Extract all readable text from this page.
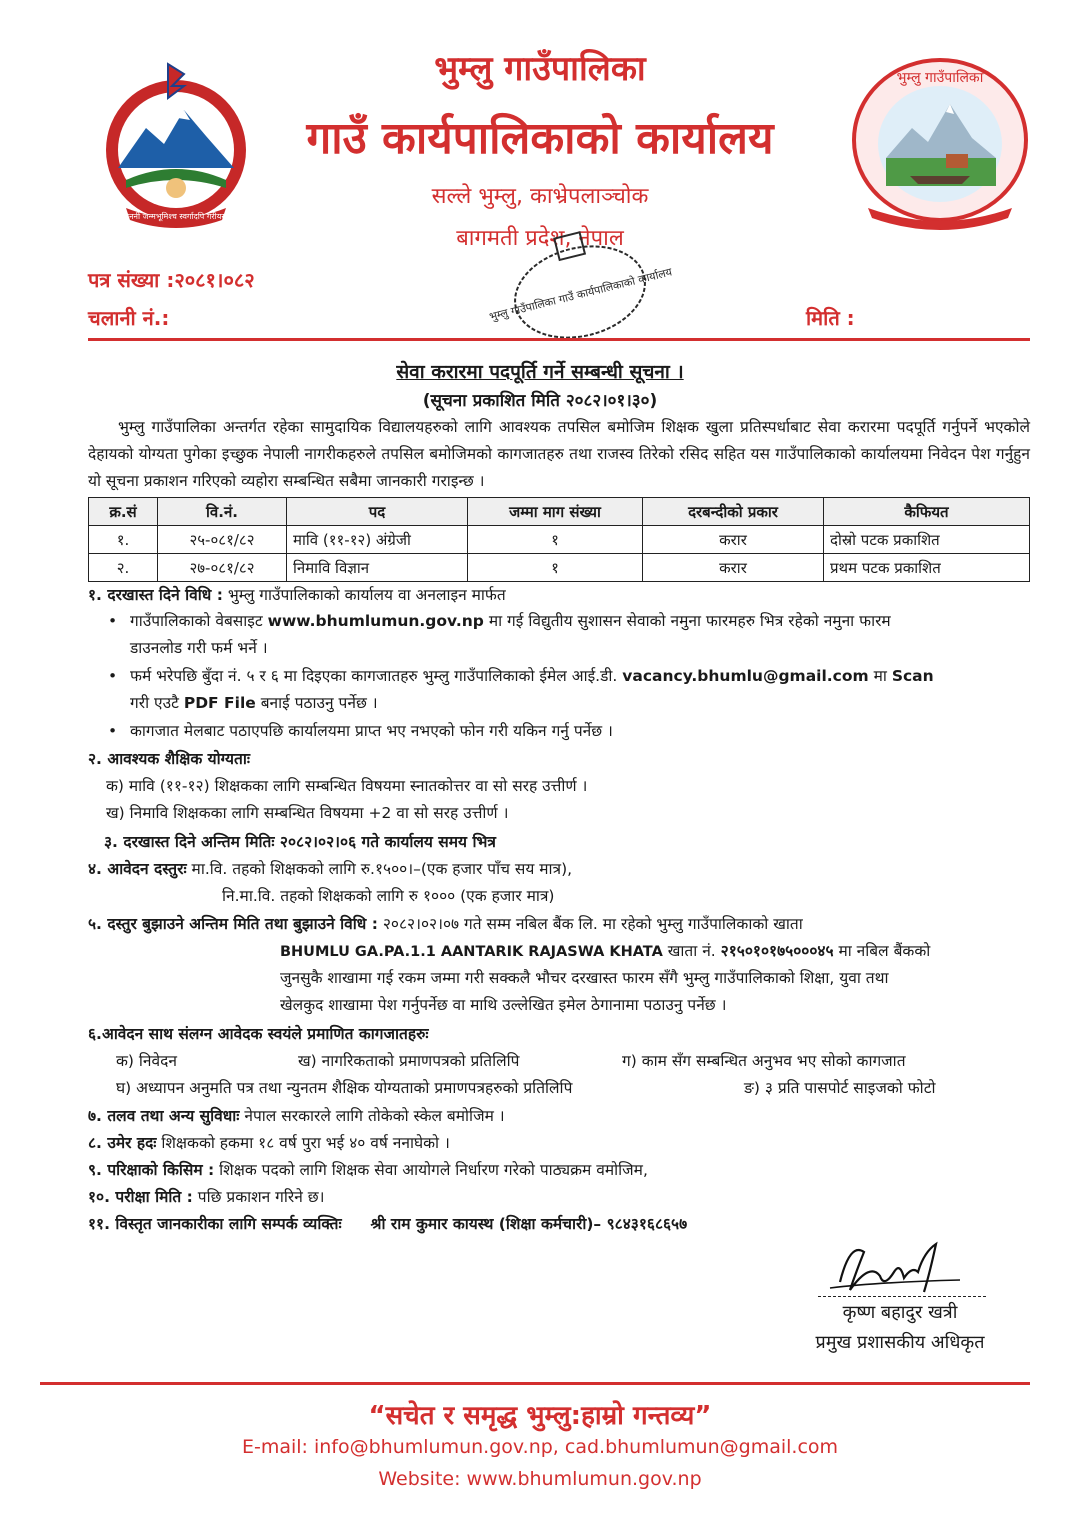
जननी जन्मभूमिश्च स्वर्गादपि गरीयसी
भुम्लु गाउँपालिका
भुम्लु गाउँपालिका
गाउँ कार्यपालिकाको कार्यालय
सल्ले भुम्लु, काभ्रेपलाञ्चोक
बागमती प्रदेश, नेपाल
भुम्लु गाउँपालिका गाउँ कार्यपालिकाको कार्यालय
पत्र संख्या :२०८१।०८२
चलानी नं.:	मिति :
सेवा करारमा पदपूर्ति गर्ने सम्बन्धी सूचना ।
(सूचना प्रकाशित मिति २०८२।०१।३०)
भुम्लु गाउँपालिका अन्तर्गत रहेका सामुदायिक विद्यालयहरुको लागि आवश्यक तपसिल बमोजिम शिक्षक खुला प्रतिस्पर्धाबाट सेवा करारमा पदपूर्ति गर्नुपर्ने भएकोले देहायको योग्यता पुगेका इच्छुक नेपाली नागरीकहरुले तपसिल बमोजिमको कागजातहरु तथा राजस्व तिरेको रसिद सहित यस गाउँपालिकाको कार्यालयमा निवेदन पेश गर्नुहुन यो सूचना प्रकाशन गरिएको व्यहोरा सम्बन्धित सबैमा जानकारी गराइन्छ ।
क्र.सं	वि.नं.	पद	जम्मा माग संख्या	दरबन्दीको प्रकार	कैफियत
१.	२५-०८१/८२	मावि (११-१२) अंग्रेजी	१	करार	दोस्रो पटक प्रकाशित
२.	२७-०८१/८२	निमावि विज्ञान	१	करार	प्रथम पटक प्रकाशित
१. दरखास्त दिने विधि : भुम्लु गाउँपालिकाको कार्यालय वा अनलाइन मार्फत
• गाउँपालिकाको वेबसाइट www.bhumlumun.gov.np मा गई विद्युतीय सुशासन सेवाको नमुना फारमहरु भित्र रहेको नमुना फारम
डाउनलोड गरी फर्म भर्ने ।
• फर्म भरेपछि बुँदा नं. ५ र ६ मा दिइएका कागजातहरु भुम्लु गाउँपालिकाको ईमेल आई.डी. vacancy.bhumlu@gmail.com मा Scan
गरी एउटै PDF File बनाई पठाउनु पर्नेछ ।
• कागजात मेलबाट पठाएपछि कार्यालयमा प्राप्त भए नभएको फोन गरी यकिन गर्नु पर्नेछ ।
२. आवश्यक शैक्षिक योग्यताः
क) मावि (११-१२) शिक्षकका लागि सम्बन्धित विषयमा स्नातकोत्तर वा सो सरह उत्तीर्ण ।
ख) निमावि शिक्षकका लागि सम्बन्धित विषयमा +2 वा सो सरह उत्तीर्ण ।
३. दरखास्त दिने अन्तिम मितिः २०८२।०२।०६ गते कार्यालय समय भित्र
४. आवेदन दस्तुरः मा.वि. तहको शिक्षकको लागि रु.१५००।–(एक हजार पाँच सय मात्र),
नि.मा.वि. तहको शिक्षकको लागि रु १००० (एक हजार मात्र)
५. दस्तुर बुझाउने अन्तिम मिति तथा बुझाउने विधि : २०८२।०२।०७ गते सम्म नबिल बैंक लि. मा रहेको भुम्लु गाउँपालिकाको खाता
BHUMLU GA.PA.1.1 AANTARIK RAJASWA KHATA खाता नं. २१५०१०१७५०००४५ मा नबिल बैंकको
जुनसुकै शाखामा गई रकम जम्मा गरी सक्कलै भौचर दरखास्त फारम सँगै भुम्लु गाउँपालिकाको शिक्षा, युवा तथा
खेलकुद शाखामा पेश गर्नुपर्नेछ वा माथि उल्लेखित इमेल ठेगानामा पठाउनु पर्नेछ ।
६.आवेदन साथ संलग्न आवेदक स्वयंले प्रमाणित कागजातहरुः
क) निवेदन	ख) नागरिकताको प्रमाणपत्रको प्रतिलिपि	ग) काम सँग सम्बन्धित अनुभव भए सोको कागजात
घ) अध्यापन अनुमति पत्र तथा न्युनतम शैक्षिक योग्यताको प्रमाणपत्रहरुको प्रतिलिपि	ङ) ३ प्रति पासपोर्ट साइजको फोटो
७. तलव तथा अन्य सुविधाः नेपाल सरकारले लागि तोकेको स्केल बमोजिम ।
८. उमेर हदः शिक्षकको हकमा १८ वर्ष पुरा भई ४० वर्ष ननाघेको ।
९. परिक्षाको किसिम : शिक्षक पदको लागि शिक्षक सेवा आयोगले निर्धारण गरेको पाठ्यक्रम वमोजिम,
१०. परीक्षा मिति : पछि प्रकाशन गरिने छ।
११. विस्तृत जानकारीका लागि सम्पर्क व्यक्तिः श्री राम कुमार कायस्थ (शिक्षा कर्मचारी)– ९८४३१६८६५७
कृष्ण बहादुर खत्री
प्रमुख प्रशासकीय अधिकृत
“सचेत र समृद्ध भुम्लु:हाम्रो गन्तव्य”
E-mail: info@bhumlumun.gov.np, cad.bhumlumun@gmail.com
Website: www.bhumlumun.gov.np
